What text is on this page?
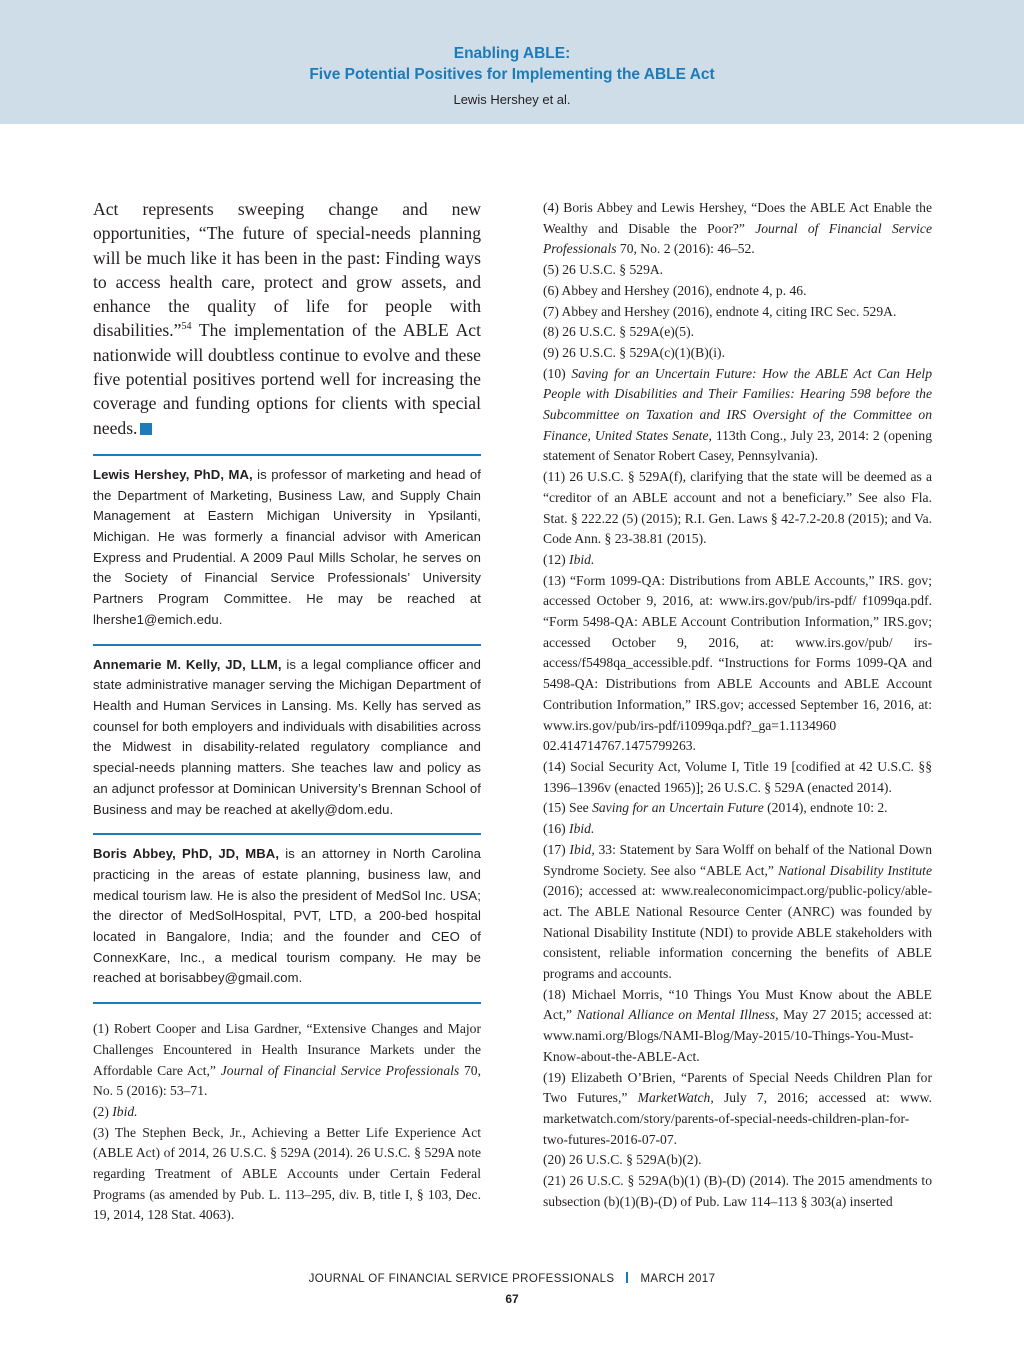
Enabling ABLE:
Five Potential Positives for Implementing the ABLE Act
Lewis Hershey et al.

Act represents sweeping change and new opportunities, “The future of special-needs planning will be much like it has been in the past: Finding ways to access health care, protect and grow assets, and enhance the quality of life for people with disabilities.”$^{54}$ The implementation of the ABLE Act nationwide will doubtless continue to evolve and these five potential positives portend well for increasing the coverage and funding options for clients with special needs.

Lewis Hershey, PhD, MA, is professor of marketing and head of the Department of Marketing, Business Law, and Supply Chain Management at Eastern Michigan University in Ypsilanti, Michigan. He was formerly a financial advisor with American Express and Prudential. A 2009 Paul Mills Scholar, he serves on the Society of Financial Service Professionals’ University Partners Program Committee. He may be reached at lhershe1@emich.edu.

Annemarie M. Kelly, JD, LLM, is a legal compliance officer and state administrative manager serving the Michigan Department of Health and Human Services in Lansing. Ms. Kelly has served as counsel for both employers and individuals with disabilities across the Midwest in disability-related regulatory compliance and special-needs planning matters. She teaches law and policy as an adjunct professor at Dominican University’s Brennan School of Business and may be reached at akelly@dom.edu.

Boris Abbey, PhD, JD, MBA, is an attorney in North Carolina practicing in the areas of estate planning, business law, and medical tourism law. He is also the president of MedSol Inc. USA; the director of MedSolHospital, PVT, LTD, a 200-bed hospital located in Bangalore, India; and the founder and CEO of ConnexKare, Inc., a medical tourism company. He may be reached at borisabbey@gmail.com.

(1) Robert Cooper and Lisa Gardner, “Extensive Changes and Major Challenges Encountered in Health Insurance Markets under the Affordable Care Act,” Journal of Financial Service Professionals 70, No. 5 (2016): 53–71.

(2) Ibid.

(3) The Stephen Beck, Jr., Achieving a Better Life Experience Act (ABLE Act) of 2014, 26 U.S.C. § 529A (2014). 26 U.S.C. § 529A note regarding Treatment of ABLE Accounts under Certain Federal Programs (as amended by Pub. L. 113–295, div. B, title I, § 103, Dec. 19, 2014, 128 Stat. 4063).

(4) Boris Abbey and Lewis Hershey, “Does the ABLE Act Enable the Wealthy and Disable the Poor?” Journal of Financial Service Professionals 70, No. 2 (2016): 46–52.

(5) 26 U.S.C. § 529A.

(6) Abbey and Hershey (2016), endnote 4, p. 46.

(7) Abbey and Hershey (2016), endnote 4, citing IRC Sec. 529A.

(8) 26 U.S.C. § 529A(e)(5).

(9) 26 U.S.C. § 529A(c)(1)(B)(i).

(10) Saving for an Uncertain Future: How the ABLE Act Can Help People with Disabilities and Their Families: Hearing 598 before the Subcommittee on Taxation and IRS Oversight of the Committee on Finance, United States Senate, 113th Cong., July 23, 2014: 2 (opening statement of Senator Robert Casey, Pennsylvania).

(11) 26 U.S.C. § 529A(f), clarifying that the state will be deemed as a “creditor of an ABLE account and not a beneficiary.” See also Fla. Stat. § 222.22 (5) (2015); R.I. Gen. Laws § 42-7.2-20.8 (2015); and Va. Code Ann. § 23-38.81 (2015).

(12) Ibid.

(13) “Form 1099-QA: Distributions from ABLE Accounts,” IRS. gov; accessed October 9, 2016, at: www.irs.gov/pub/irs-pdf/ f1099qa.pdf. “Form 5498-QA: ABLE Account Contribution Information,” IRS.gov; accessed October 9, 2016, at: www.irs.gov/pub/ irs-access/f5498qa_accessible.pdf. “Instructions for Forms 1099-QA and 5498-QA: Distributions from ABLE Accounts and ABLE Account Contribution Information,” IRS.gov; accessed September 16, 2016, at: www.irs.gov/pub/irs-pdf/i1099qa.pdf?_ga=1.1134960 02.414714767.1475799263.

(14) Social Security Act, Volume I, Title 19 [codified at 42 U.S.C. §§ 1396–1396v (enacted 1965)]; 26 U.S.C. § 529A (enacted 2014).

(15) See Saving for an Uncertain Future (2014), endnote 10: 2.

(16) Ibid.

(17) Ibid, 33: Statement by Sara Wolff on behalf of the National Down Syndrome Society. See also “ABLE Act,” National Disability Institute (2016); accessed at: www.realeconomicimpact.org/public-policy/able-act. The ABLE National Resource Center (ANRC) was founded by National Disability Institute (NDI) to provide ABLE stakeholders with consistent, reliable information concerning the benefits of ABLE programs and accounts.

(18) Michael Morris, “10 Things You Must Know about the ABLE Act,” National Alliance on Mental Illness, May 27 2015; accessed at: www.nami.org/Blogs/NAMI-Blog/May-2015/10-Things-You-Must-Know-about-the-ABLE-Act.

(19) Elizabeth O’Brien, “Parents of Special Needs Children Plan for Two Futures,” MarketWatch, July 7, 2016; accessed at: www. marketwatch.com/story/parents-of-special-needs-children-plan-for-two-futures-2016-07-07.

(20) 26 U.S.C. § 529A(b)(2).

(21) 26 U.S.C. § 529A(b)(1) (B)-(D) (2014). The 2015 amendments to subsection (b)(1)(B)-(D) of Pub. Law 114–113 § 303(a) inserted

JOURNAL OF FINANCIAL SERVICE PROFESSIONALS MARCH 2017
67
